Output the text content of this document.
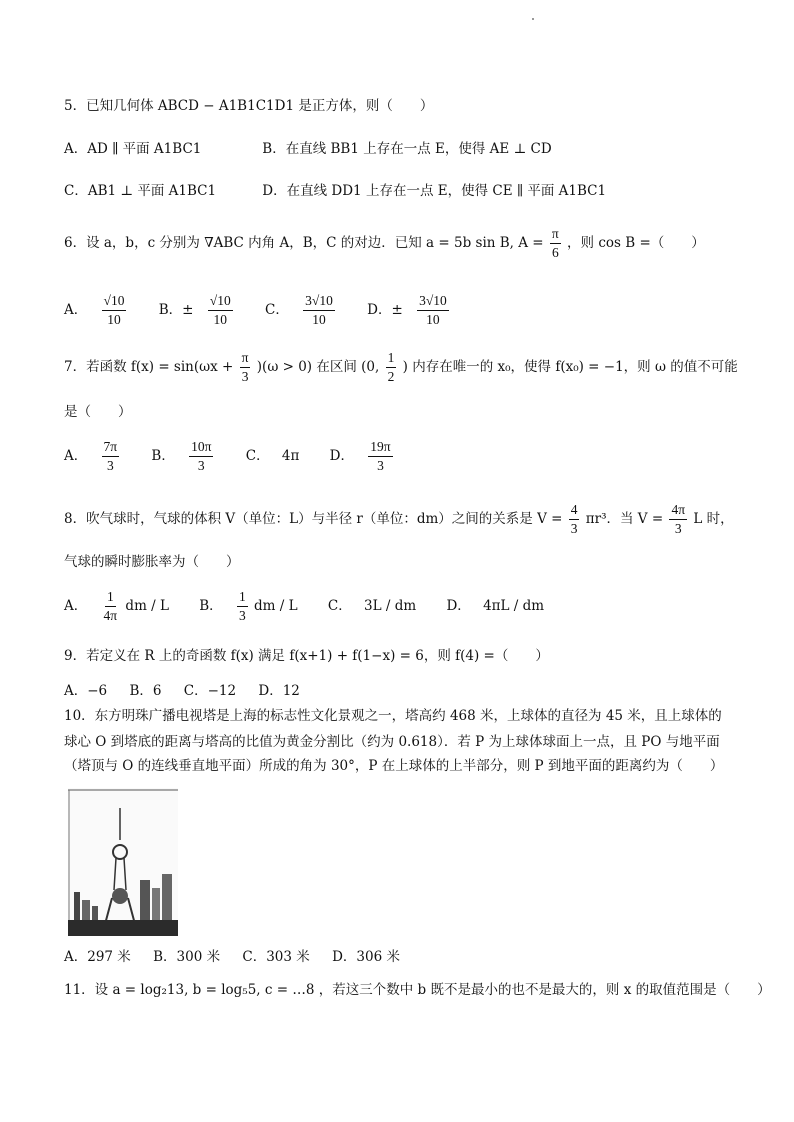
5．已知几何体 ABCD − A1B1C1D1 是正方体，则（　　）
A．AD ∥ 平面 A1BC1	B．在直线 BB1 上存在一点 E，使得 AE ⊥ CD
C．AB1 ⊥ 平面 A1BC1	D．在直线 DD1 上存在一点 E，使得 CE ∥ 平面 A1BC1
6．设 a，b，c 分别为 ∇ABC 内角 A，B，C 的对边．已知 a = 5b sin B, $A = \frac{\pi}{6}$ ，则 cos B =（　　）
A． $\frac{√10}{10}$ B．± $\frac{√10}{10}$ C． $\frac{3√10}{10}$ D．± $\frac{3√10}{10}$
7．若函数 $f(x) = \sin(\omega x + \frac{\pi}{3} )(\omega > 0)$ 在区间 (0, $\frac{1}{2}$ ) 内存在唯一的 x₀，使得 f(x₀) = −1，则 ω 的值不可能
是（　　）
A． $\frac{7\pi}{3}$ B． $\frac{10\pi}{3}$ C． 4π D． $\frac{19\pi}{3}$
8．吹气球时，气球的体积 V（单位：L）与半径 r（单位：dm）之间的关系是 $V = \frac{4}{3} \pi r^3$．当 $V = \frac{4\pi}{3}$ L 时，
气球的瞬时膨胀率为（　　）
A． $\frac{1}{4\pi}$ dm / L B． $\frac{1}{3}$ dm / L C． 3L / dm D． 4πL / dm
9．若定义在 R 上的奇函数 f(x) 满足 f(x+1) + f(1−x) = 6，则 f(4) =（　　）
A．−6 B．6 C．−12 D．12
10．东方明珠广播电视塔是上海的标志性文化景观之一，塔高约 468 米，上球体的直径为 45 米，且上球体的
球心 O 到塔底的距离与塔高的比值为黄金分割比（约为 0.618）．若 P 为上球体球面上一点，且 PO 与地平面
（塔顶与 O 的连线垂直地平面）所成的角为 30°，P 在上球体的上半部分，则 P 到地平面的距离约为（　　）
A．297 米 B．300 米 C．303 米 D．306 米
11．设 a = log₂13, b = log₅5, c = …8 ，若这三个数中 b 既不是最小的也不是最大的，则 x 的取值范围是（　　）
